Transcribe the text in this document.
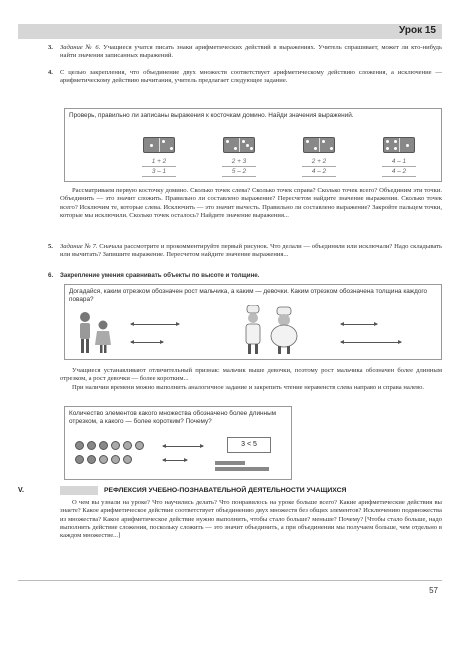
Урок 15
3. Задание № 6. Учащиеся учатся писать знаки арифметических действий в выражениях. Учитель спрашивает, может ли кто-нибудь найти значения записанных выражений.
4. С целью закрепления, что объединение двух множеств соответствует арифметическому действию сложения, а исключение — арифметическому действию вычитания, учитель предлагает следующее задание.
Проверь, правильно ли записаны выражения к косточкам домино. Найди значения выражений.
1 + 2
3 – 1
2 + 3
5 – 2
2 + 2
4 – 2
4 – 1
4 – 2
Рассматриваем первую косточку домино. Сколько точек слева? Сколько точек справа? Сколько точек всего? Объединим эти точки. Объединить — это значит сложить. Правильно ли составлено выражение? Пересчетом найдите значение выражения. Сколько точек всего? Исключим те, которые слева. Исключить — это значит вычесть. Правильно ли составлено выражение? Закройте пальцем точки, которые мы исключили. Сколько точек осталось? Найдите значение выражения...
5. Задание № 7. Сначала рассмотрите и прокомментируйте первый рисунок. Что делали — объединяли или исключали? Надо складывать или вычитать? Запишите выражение. Пересчетом найдите значение выражения...
6. Закрепление умения сравнивать объекты по высоте и толщине.
Догадайся, каким отрезком обозначен рост мальчика, а каким — девочки. Каким отрезком обозначена толщина каждого повара?
Учащиеся устанавливают отличительный признак: мальчик выше девочки, поэтому рост мальчика обозначен более длинным отрезком, а рост девочки — более коротким...
При наличии времени можно выполнить аналогичное задание и закрепить чтение неравенств слева направо и справа налево.
Количество элементов какого множества обозначено более длинным отрезком, а какого — более коротким? Почему?
3 < 5
V.	РЕФЛЕКСИЯ УЧЕБНО-ПОЗНАВАТЕЛЬНОЙ ДЕЯТЕЛЬНОСТИ УЧАЩИХСЯ
О чем вы узнали на уроке? Что научились делать? Что понравилось на уроке больше всего? Какие арифметические действия вы знаете? Какое арифметическое действие соответствует объединению двух множеств без общих элементов? Исключению подмножества из множества? Какое арифметическое действие нужно выполнить, чтобы стало больше? меньше? Почему? [Чтобы стало больше, надо выполнить действие сложения, поскольку сложить — это значит объединить, а при объединении мы получаем больше, чем отдельно в каждом множестве...]
57
